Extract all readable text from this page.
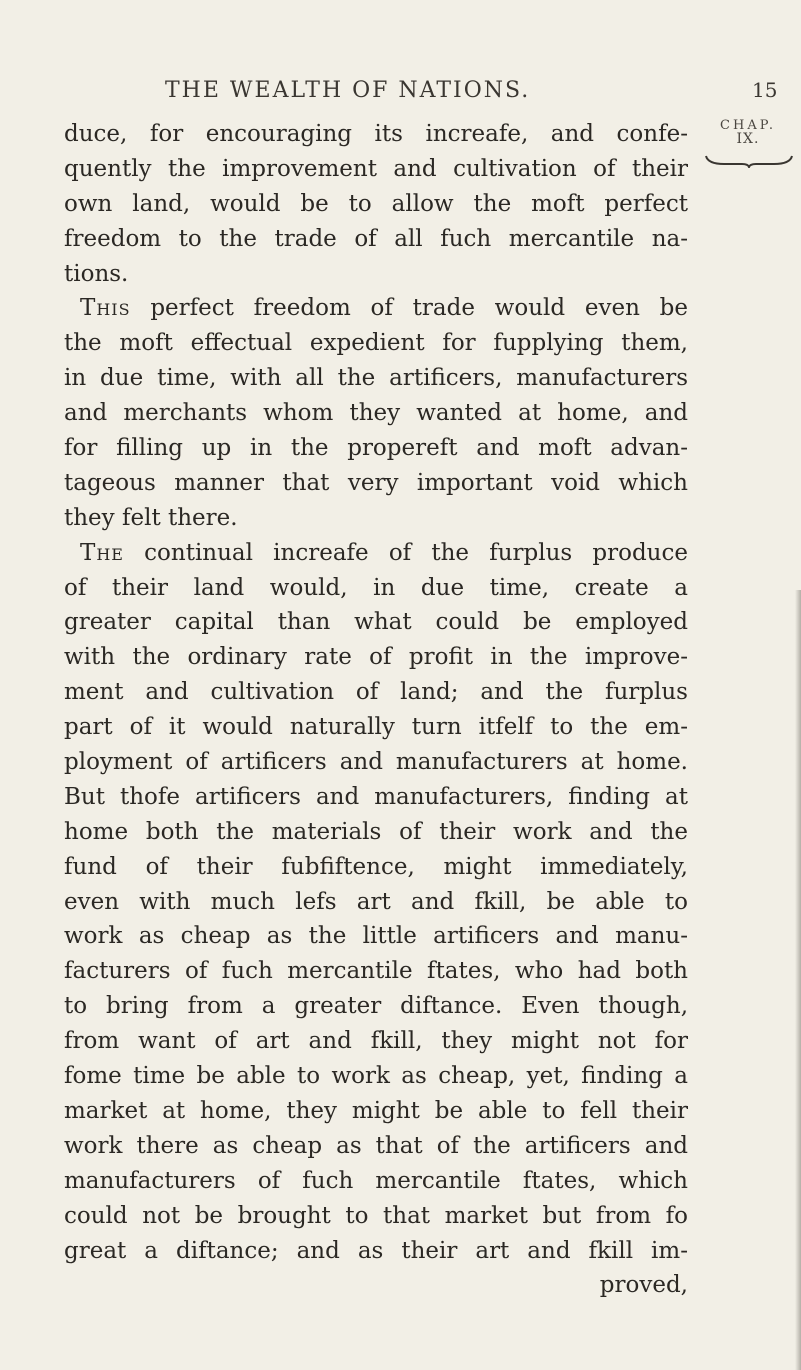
THE WEALTH OF NATIONS.	15
CHAP.
IX.
duce, for encouraging its increafe, and confe-
quently the improvement and cultivation of their
own land, would be to allow the moft perfect
freedom to the trade of all fuch mercantile na-
tions.
This perfect freedom of trade would even be
the moft effectual expedient for fupplying them,
in due time, with all the artificers, manufacturers
and merchants whom they wanted at home, and
for filling up in the propereft and moft advan-
tageous manner that very important void which
they felt there.
The continual increafe of the furplus produce
of their land would, in due time, create a
greater capital than what could be employed
with the ordinary rate of profit in the improve-
ment and cultivation of land; and the furplus
part of it would naturally turn itfelf to the em-
ployment of artificers and manufacturers at home.
But thofe artificers and manufacturers, finding at
home both the materials of their work and the
fund of their fubfiftence, might immediately,
even with much lefs art and fkill, be able to
work as cheap as the little artificers and manu-
facturers of fuch mercantile ftates, who had both
to bring from a greater diftance. Even though,
from want of art and fkill, they might not for
fome time be able to work as cheap, yet, finding a
market at home, they might be able to fell their
work there as cheap as that of the artificers and
manufacturers of fuch mercantile ftates, which
could not be brought to that market but from fo
great a diftance; and as their art and fkill im-
proved,
